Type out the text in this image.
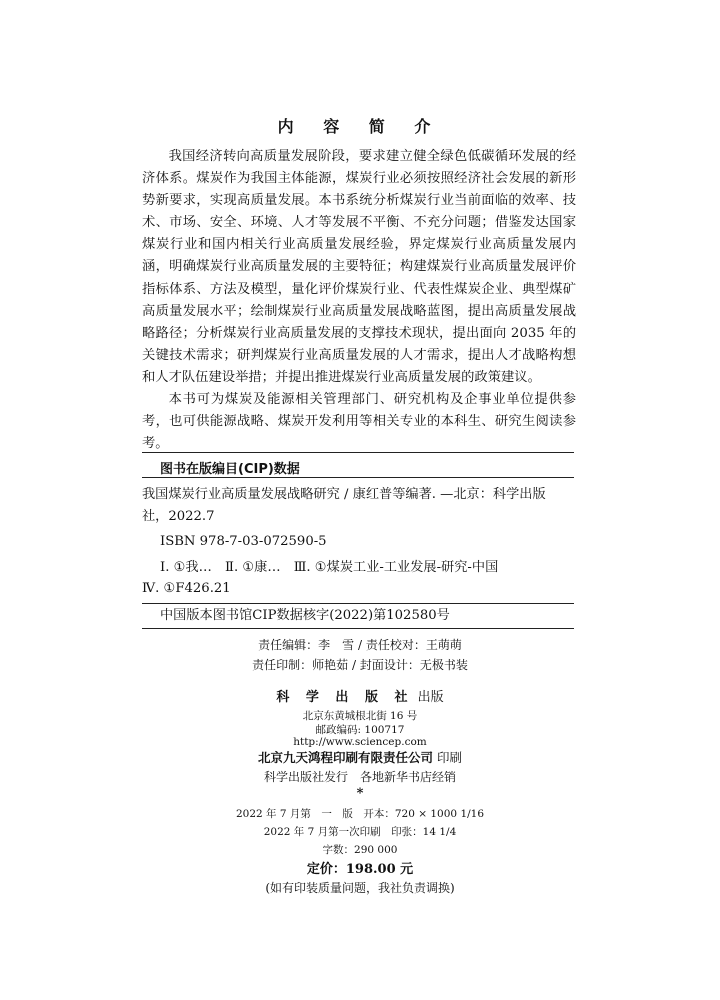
内 容 简 介

我国经济转向高质量发展阶段，要求建立健全绿色低碳循环发展的经济体系。煤炭作为我国主体能源，煤炭行业必须按照经济社会发展的新形势新要求，实现高质量发展。本书系统分析煤炭行业当前面临的效率、技术、市场、安全、环境、人才等发展不平衡、不充分问题；借鉴发达国家煤炭行业和国内相关行业高质量发展经验，界定煤炭行业高质量发展内涵，明确煤炭行业高质量发展的主要特征；构建煤炭行业高质量发展评价指标体系、方法及模型，量化评价煤炭行业、代表性煤炭企业、典型煤矿高质量发展水平；绘制煤炭行业高质量发展战略蓝图，提出高质量发展战略路径；分析煤炭行业高质量发展的支撑技术现状，提出面向 2035 年的关键技术需求；研判煤炭行业高质量发展的人才需求，提出人才战略构想和人才队伍建设举措；并提出推进煤炭行业高质量发展的政策建议。

本书可为煤炭及能源相关管理部门、研究机构及企事业单位提供参考，也可供能源战略、煤炭开发利用等相关专业的本科生、研究生阅读参考。

图书在版编目(CIP)数据
我国煤炭行业高质量发展战略研究 / 康红普等编著. —北京：科学出版
社，2022.7
ISBN 978-7-03-072590-5
Ⅰ. ①我…　Ⅱ. ①康…　Ⅲ. ①煤炭工业-工业发展-研究-中国
Ⅳ. ①F426.21
中国版本图书馆CIP数据核字(2022)第102580号
责任编辑：李　雪 / 责任校对：王萌萌
责任印制：师艳茹 / 封面设计：无极书装
科 学 出 版 社 出版
北京东黄城根北街 16 号
邮政编码: 100717
http://www.sciencep.com
北京九天鸿程印刷有限责任公司 印刷
科学出版社发行　各地新华书店经销
*
2022 年 7 月第　一　版　开本：720 × 1000 1/16
2022 年 7 月第一次印刷　印张：14 1/4
字数：290 000
定价：198.00 元
(如有印装质量问题，我社负责调换)
